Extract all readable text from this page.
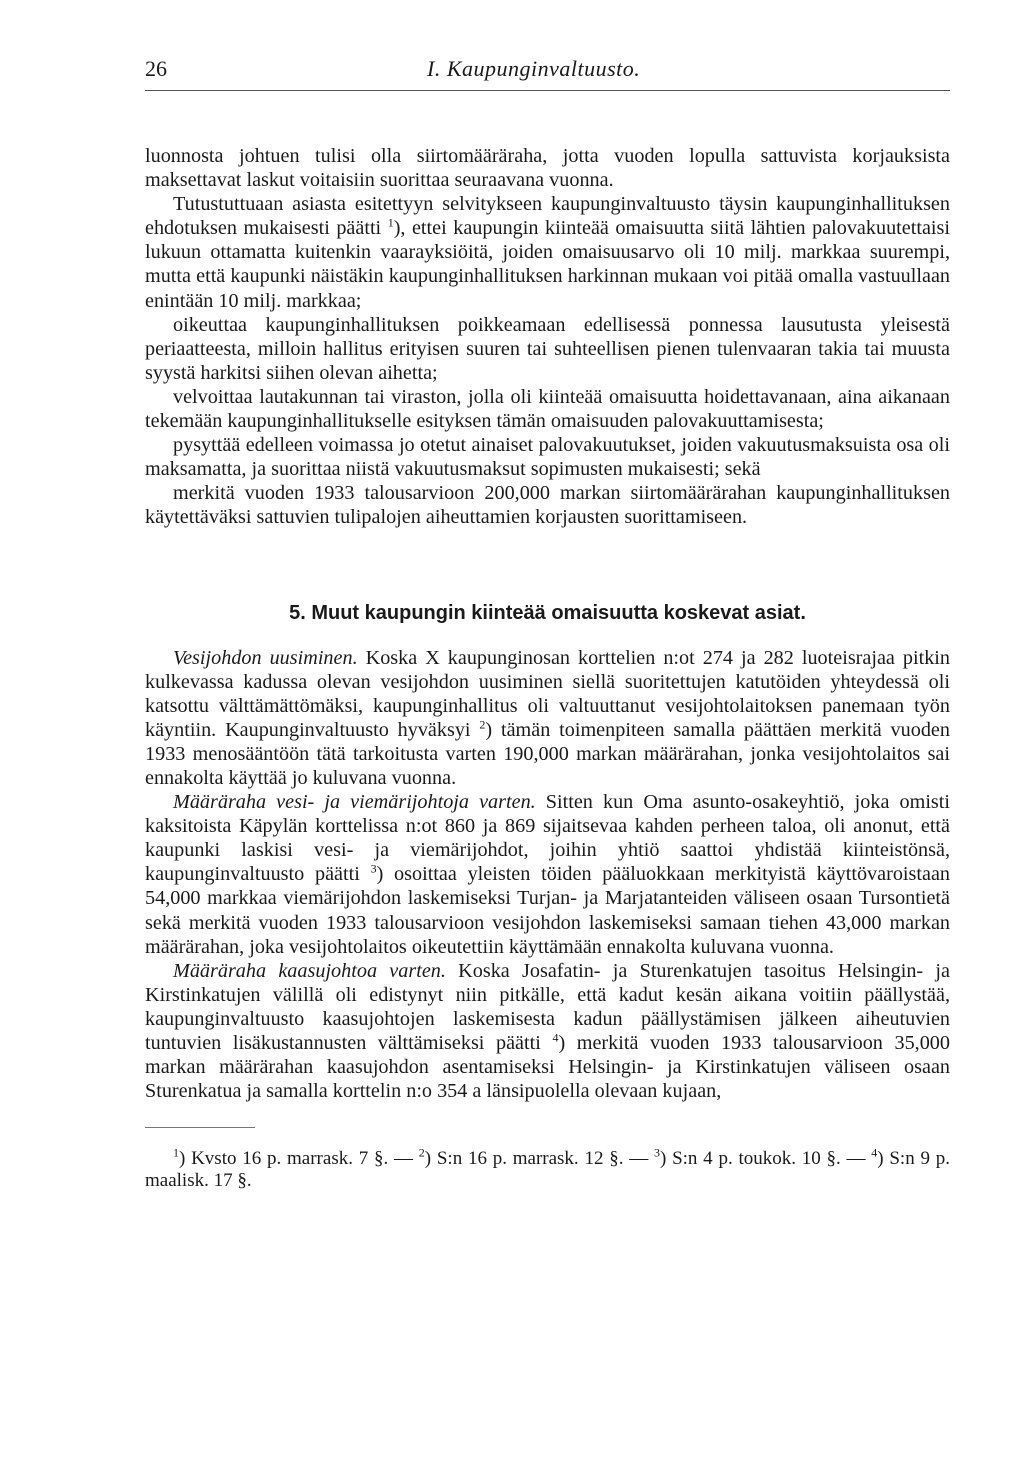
26	I. Kaupunginvaltuusto.

luonnosta johtuen tulisi olla siirtomääräraha, jotta vuoden lopulla sattuvista korjauksista maksettavat laskut voitaisiin suorittaa seuraavana vuonna.

Tutustuttuaan asiasta esitettyyn selvitykseen kaupunginvaltuusto täysin kaupunginhallituksen ehdotuksen mukaisesti päätti $^1$), ettei kaupungin kiinteää omaisuutta siitä lähtien palovakuutettaisi lukuun ottamatta kuitenkin vaarayksiöitä, joiden omaisuusarvo oli 10 milj. markkaa suurempi, mutta että kaupunki näistäkin kaupunginhallituksen harkinnan mukaan voi pitää omalla vastuullaan enintään 10 milj. markkaa;

oikeuttaa kaupunginhallituksen poikkeamaan edellisessä ponnessa lausutusta yleisestä periaatteesta, milloin hallitus erityisen suuren tai suhteellisen pienen tulenvaaran takia tai muusta syystä harkitsi siihen olevan aihetta;

velvoittaa lautakunnan tai viraston, jolla oli kiinteää omaisuutta hoidettavanaan, aina aikanaan tekemään kaupunginhallitukselle esityksen tämän omaisuuden palovakuuttamisesta;

pysyttää edelleen voimassa jo otetut ainaiset palovakuutukset, joiden vakuutusmaksuista osa oli maksamatta, ja suorittaa niistä vakuutusmaksut sopimusten mukaisesti; sekä

merkitä vuoden 1933 talousarvioon 200,000 markan siirtomäärärahan kaupunginhallituksen käytettäväksi sattuvien tulipalojen aiheuttamien korjausten suorittamiseen.

5. Muut kaupungin kiinteää omaisuutta koskevat asiat.

Vesijohdon uusiminen. Koska X kaupunginosan korttelien n:ot 274 ja 282 luoteisrajaa pitkin kulkevassa kadussa olevan vesijohdon uusiminen siellä suoritettujen katutöiden yhteydessä oli katsottu välttämättömäksi, kaupunginhallitus oli valtuuttanut vesijohtolaitoksen panemaan työn käyntiin. Kaupunginvaltuusto hyväksyi $^2$) tämän toimenpiteen samalla päättäen merkitä vuoden 1933 menosääntöön tätä tarkoitusta varten 190,000 markan määrärahan, jonka vesijohtolaitos sai ennakolta käyttää jo kuluvana vuonna.

Määräraha vesi- ja viemärijohtoja varten. Sitten kun Oma asunto-osakeyhtiö, joka omisti kaksitoista Käpylän korttelissa n:ot 860 ja 869 sijaitsevaa kahden perheen taloa, oli anonut, että kaupunki laskisi vesi- ja viemärijohdot, joihin yhtiö saattoi yhdistää kiinteistönsä, kaupunginvaltuusto päätti $^3$) osoittaa yleisten töiden pääluokkaan merkityistä käyttövaroistaan 54,000 markkaa viemärijohdon laskemiseksi Turjan- ja Marjatanteiden väliseen osaan Tursontietä sekä merkitä vuoden 1933 talousarvioon vesijohdon laskemiseksi samaan tiehen 43,000 markan määrärahan, joka vesijohtolaitos oikeutettiin käyttämään ennakolta kuluvana vuonna.

Määräraha kaasujohtoa varten. Koska Josafatin- ja Sturenkatujen tasoitus Helsingin- ja Kirstinkatujen välillä oli edistynyt niin pitkälle, että kadut kesän aikana voitiin päällystää, kaupunginvaltuusto kaasujohtojen laskemisesta kadun päällystämisen jälkeen aiheutuvien tuntuvien lisäkustannusten välttämiseksi päätti $^4$) merkitä vuoden 1933 talousarvioon 35,000 markan määrärahan kaasujohdon asentamiseksi Helsingin- ja Kirstinkatujen väliseen osaan Sturenkatua ja samalla korttelin n:o 354 a länsipuolella olevaan kujaan,

$^1$) Kvsto 16 p. marrask. 7 §. — $^2$) S:n 16 p. marrask. 12 §. — $^3$) S:n 4 p. toukok. 10 §. — $^4$) S:n 9 p. maalisk. 17 §.
